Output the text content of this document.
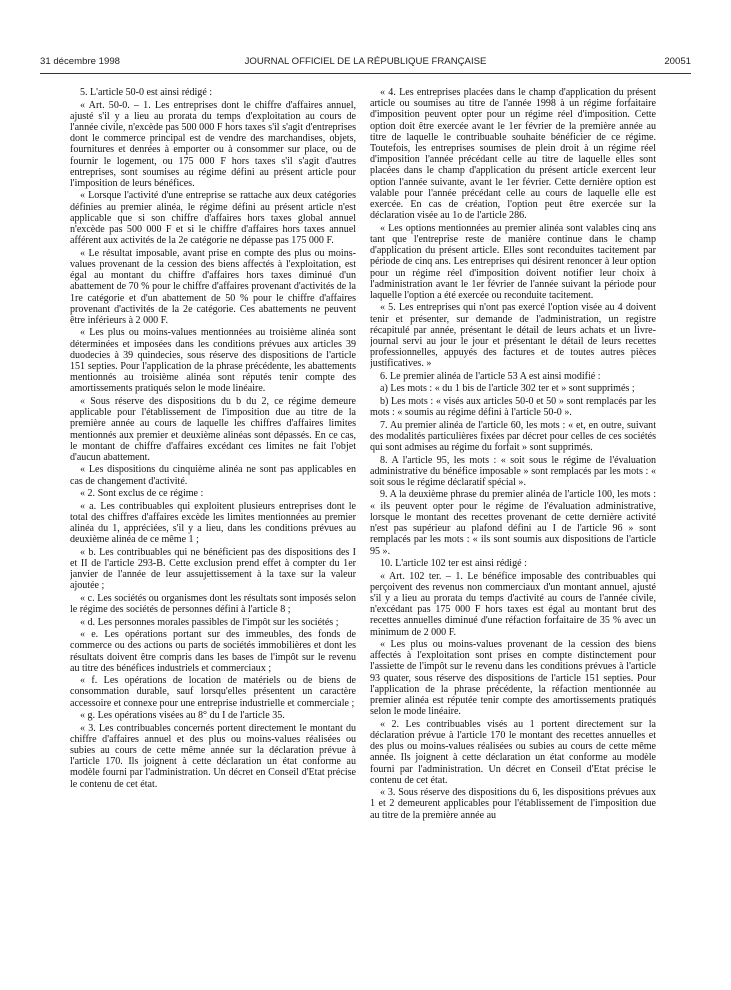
31 décembre 1998	JOURNAL OFFICIEL DE LA RÉPUBLIQUE FRANÇAISE	20051

5. L'article 50-0 est ainsi rédigé :

« Art. 50-0. – 1. Les entreprises dont le chiffre d'affaires annuel, ajusté s'il y a lieu au prorata du temps d'exploitation au cours de l'année civile, n'excède pas 500 000 F hors taxes s'il s'agit d'entreprises dont le commerce principal est de vendre des marchandises, objets, fournitures et denrées à emporter ou à consommer sur place, ou de fournir le logement, ou 175 000 F hors taxes s'il s'agit d'autres entreprises, sont soumises au régime défini au présent article pour l'imposition de leurs bénéfices.

« Lorsque l'activité d'une entreprise se rattache aux deux catégories définies au premier alinéa, le régime défini au présent article n'est applicable que si son chiffre d'affaires hors taxes global annuel n'excède pas 500 000 F et si le chiffre d'affaires hors taxes annuel afférent aux activités de la 2e catégorie ne dépasse pas 175 000 F.

« Le résultat imposable, avant prise en compte des plus ou moins-values provenant de la cession des biens affectés à l'exploitation, est égal au montant du chiffre d'affaires hors taxes diminué d'un abattement de 70 % pour le chiffre d'affaires provenant d'activités de la 1re catégorie et d'un abattement de 50 % pour le chiffre d'affaires provenant d'activités de la 2e catégorie. Ces abattements ne peuvent être inférieurs à 2 000 F.

« Les plus ou moins-values mentionnées au troisième alinéa sont déterminées et imposées dans les conditions prévues aux articles 39 duodecies à 39 quindecies, sous réserve des dispositions de l'article 151 septies. Pour l'application de la phrase précédente, les abattements mentionnés au troisième alinéa sont réputés tenir compte des amortissements pratiqués selon le mode linéaire.

« Sous réserve des dispositions du b du 2, ce régime demeure applicable pour l'établissement de l'imposition due au titre de la première année au cours de laquelle les chiffres d'affaires limites mentionnés aux premier et deuxième alinéas sont dépassés. En ce cas, le montant de chiffre d'affaires excédant ces limites ne fait l'objet d'aucun abattement.

« Les dispositions du cinquième alinéa ne sont pas applicables en cas de changement d'activité.

« 2. Sont exclus de ce régime :

« a. Les contribuables qui exploitent plusieurs entreprises dont le total des chiffres d'affaires excède les limites mentionnées au premier alinéa du 1, appréciées, s'il y a lieu, dans les conditions prévues au deuxième alinéa de ce même 1 ;

« b. Les contribuables qui ne bénéficient pas des dispositions des I et II de l'article 293-B. Cette exclusion prend effet à compter du 1er janvier de l'année de leur assujettissement à la taxe sur la valeur ajoutée ;

« c. Les sociétés ou organismes dont les résultats sont imposés selon le régime des sociétés de personnes défini à l'article 8 ;

« d. Les personnes morales passibles de l'impôt sur les sociétés ;

« e. Les opérations portant sur des immeubles, des fonds de commerce ou des actions ou parts de sociétés immobilières et dont les résultats doivent être compris dans les bases de l'impôt sur le revenu au titre des bénéfices industriels et commerciaux ;

« f. Les opérations de location de matériels ou de biens de consommation durable, sauf lorsqu'elles présentent un caractère accessoire et connexe pour une entreprise industrielle et commerciale ;

« g. Les opérations visées au 8° du I de l'article 35.

« 3. Les contribuables concernés portent directement le montant du chiffre d'affaires annuel et des plus ou moins-values réalisées ou subies au cours de cette même année sur la déclaration prévue à l'article 170. Ils joignent à cette déclaration un état conforme au modèle fourni par l'administration. Un décret en Conseil d'Etat précise le contenu de cet état.

« 4. Les entreprises placées dans le champ d'application du présent article ou soumises au titre de l'année 1998 à un régime forfaitaire d'imposition peuvent opter pour un régime réel d'imposition. Cette option doit être exercée avant le 1er février de la première année au titre de laquelle le contribuable souhaite bénéficier de ce régime. Toutefois, les entreprises soumises de plein droit à un régime réel d'imposition l'année précédant celle au titre de laquelle elles sont placées dans le champ d'application du présent article exercent leur option l'année suivante, avant le 1er février. Cette dernière option est valable pour l'année précédant celle au cours de laquelle elle est exercée. En cas de création, l'option peut être exercée sur la déclaration visée au 1o de l'article 286.

« Les options mentionnées au premier alinéa sont valables cinq ans tant que l'entreprise reste de manière continue dans le champ d'application du présent article. Elles sont reconduites tacitement par période de cinq ans. Les entreprises qui désirent renoncer à leur option pour un régime réel d'imposition doivent notifier leur choix à l'administration avant le 1er février de l'année suivant la période pour laquelle l'option a été exercée ou reconduite tacitement.

« 5. Les entreprises qui n'ont pas exercé l'option visée au 4 doivent tenir et présenter, sur demande de l'administration, un registre récapitulé par année, présentant le détail de leurs achats et un livre-journal servi au jour le jour et présentant le détail de leurs recettes professionnelles, appuyés des factures et de toutes autres pièces justificatives. »

6. Le premier alinéa de l'article 53 A est ainsi modifié :

a) Les mots : « du 1 bis de l'article 302 ter et » sont supprimés ;

b) Les mots : « visés aux articles 50-0 et 50 » sont remplacés par les mots : « soumis au régime défini à l'article 50-0 ».

7. Au premier alinéa de l'article 60, les mots : « et, en outre, suivant des modalités particulières fixées par décret pour celles de ces sociétés qui sont admises au régime du forfait » sont supprimés.

8. A l'article 95, les mots : « soit sous le régime de l'évaluation administrative du bénéfice imposable » sont remplacés par les mots : « soit sous le régime déclaratif spécial ».

9. A la deuxième phrase du premier alinéa de l'article 100, les mots : « ils peuvent opter pour le régime de l'évaluation administrative, lorsque le montant des recettes provenant de cette dernière activité n'est pas supérieur au plafond défini au I de l'article 96 » sont remplacés par les mots : « ils sont soumis aux dispositions de l'article 95 ».

10. L'article 102 ter est ainsi rédigé :

« Art. 102 ter. – 1. Le bénéfice imposable des contribuables qui perçoivent des revenus non commerciaux d'un montant annuel, ajusté s'il y a lieu au prorata du temps d'activité au cours de l'année civile, n'excédant pas 175 000 F hors taxes est égal au montant brut des recettes annuelles diminué d'une réfaction forfaitaire de 35 % avec un minimum de 2 000 F.

« Les plus ou moins-values provenant de la cession des biens affectés à l'exploitation sont prises en compte distinctement pour l'assiette de l'impôt sur le revenu dans les conditions prévues à l'article 93 quater, sous réserve des dispositions de l'article 151 septies. Pour l'application de la phrase précédente, la réfaction mentionnée au premier alinéa est réputée tenir compte des amortissements pratiqués selon le mode linéaire.

« 2. Les contribuables visés au 1 portent directement sur la déclaration prévue à l'article 170 le montant des recettes annuelles et des plus ou moins-values réalisées ou subies au cours de cette même année. Ils joignent à cette déclaration un état conforme au modèle fourni par l'administration. Un décret en Conseil d'Etat précise le contenu de cet état.

« 3. Sous réserve des dispositions du 6, les dispositions prévues aux 1 et 2 demeurent applicables pour l'établissement de l'imposition due au titre de la première année au
